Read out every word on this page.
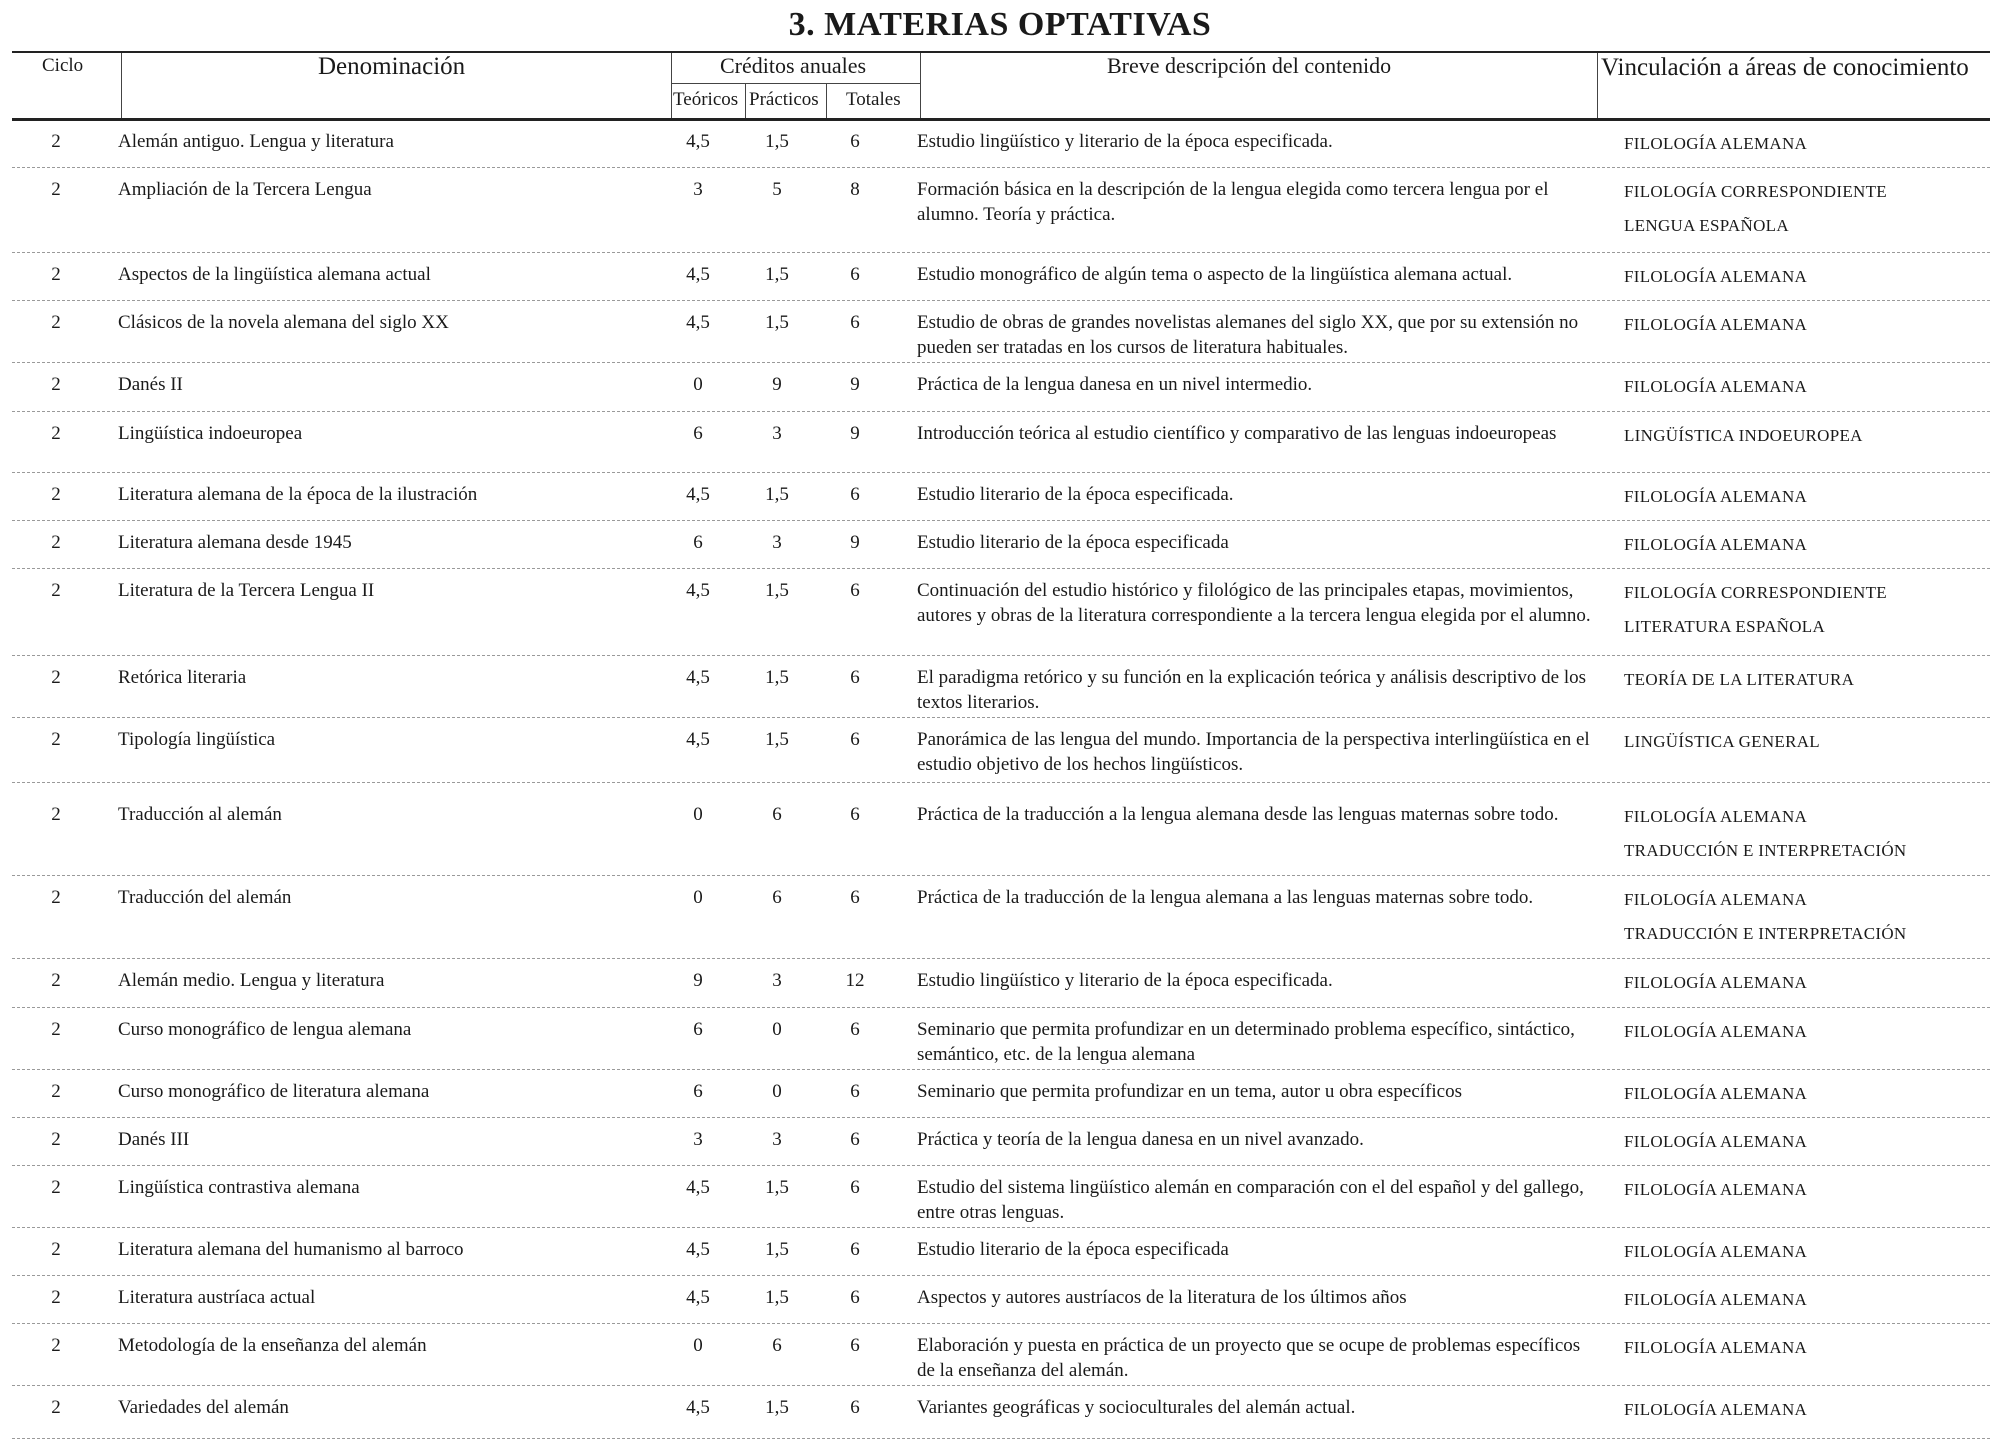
3. MATERIAS OPTATIVAS
Ciclo	Denominación	Créditos anuales
Teóricos Prácticos Totales
Breve descripción del contenido	Vinculación a áreas de conocimiento
2	Alemán antiguo. Lengua y literatura	4,5	1,5	6	Estudio lingüístico y literario de la época especificada.	FILOLOGÍA ALEMANA
2	Ampliación de la Tercera Lengua	3	5	8	Formación básica en la descripción de la lengua elegida como tercera lengua por el alumno. Teoría y práctica.
FILOLOGÍA CORRESPONDIENTE
LENGUA ESPAÑOLA
2	Aspectos de la lingüística alemana actual	4,5	1,5	6	Estudio monográfico de algún tema o aspecto de la lingüística alemana actual.	FILOLOGÍA ALEMANA
2	Clásicos de la novela alemana del siglo XX	4,5	1,5	6	Estudio de obras de grandes novelistas alemanes del siglo XX, que por su extensión no pueden ser tratadas en los cursos de literatura habituales.
FILOLOGÍA ALEMANA
2	Danés II	0	9	9	Práctica de la lengua danesa en un nivel intermedio.	FILOLOGÍA ALEMANA
2	Lingüística indoeuropea	6	3	9	Introducción teórica al estudio científico y comparativo de las lenguas indoeuropeas	LINGÜÍSTICA INDOEUROPEA
2	Literatura alemana de la época de la ilustración	4,5	1,5	6	Estudio literario de la época especificada.	FILOLOGÍA ALEMANA
2	Literatura alemana desde 1945	6	3	9	Estudio literario de la época especificada	FILOLOGÍA ALEMANA
2	Literatura de la Tercera Lengua II	4,5	1,5	6	Continuación del estudio histórico y filológico de las principales etapas, movimientos, autores y obras de la literatura correspondiente a la tercera lengua elegida por el alumno.
FILOLOGÍA CORRESPONDIENTE
LITERATURA ESPAÑOLA
2	Retórica literaria	4,5	1,5	6	El paradigma retórico y su función en la explicación teórica y análisis descriptivo de los textos literarios.
TEORÍA DE LA LITERATURA
2	Tipología lingüística	4,5	1,5	6	Panorámica de las lengua del mundo. Importancia de la perspectiva interlingüística en el estudio objetivo de los hechos lingüísticos.
LINGÜÍSTICA GENERAL
2	Traducción al alemán	0	6	6	Práctica de la traducción a la lengua alemana desde las lenguas maternas sobre todo.	FILOLOGÍA ALEMANA
TRADUCCIÓN E INTERPRETACIÓN
2	Traducción del alemán	0	6	6	Práctica de la traducción de la lengua alemana a las lenguas maternas sobre todo.	FILOLOGÍA ALEMANA
TRADUCCIÓN E INTERPRETACIÓN
2	Alemán medio. Lengua y literatura	9	3	12	Estudio lingüístico y literario de la época especificada.	FILOLOGÍA ALEMANA
2	Curso monográfico de lengua alemana	6	0	6	Seminario que permita profundizar en un determinado problema específico, sintáctico, semántico, etc. de la lengua alemana
FILOLOGÍA ALEMANA
2	Curso monográfico de literatura alemana	6	0	6	Seminario que permita profundizar en un tema, autor u obra específicos	FILOLOGÍA ALEMANA
2	Danés III	3	3	6	Práctica y teoría de la lengua danesa en un nivel avanzado.	FILOLOGÍA ALEMANA
2	Lingüística contrastiva alemana	4,5	1,5	6	Estudio del sistema lingüístico alemán en comparación con el del español y del gallego, entre otras lenguas.
FILOLOGÍA ALEMANA
2	Literatura alemana del humanismo al barroco	4,5	1,5	6	Estudio literario de la época especificada	FILOLOGÍA ALEMANA
2	Literatura austríaca actual	4,5	1,5	6	Aspectos y autores austríacos de la literatura de los últimos años	FILOLOGÍA ALEMANA
2	Metodología de la enseñanza del alemán	0	6	6	Elaboración y puesta en práctica de un proyecto que se ocupe de problemas específicos de la enseñanza del alemán.
FILOLOGÍA ALEMANA
2	Variedades del alemán	4,5	1,5	6	Variantes geográficas y socioculturales del alemán actual.	FILOLOGÍA ALEMANA
